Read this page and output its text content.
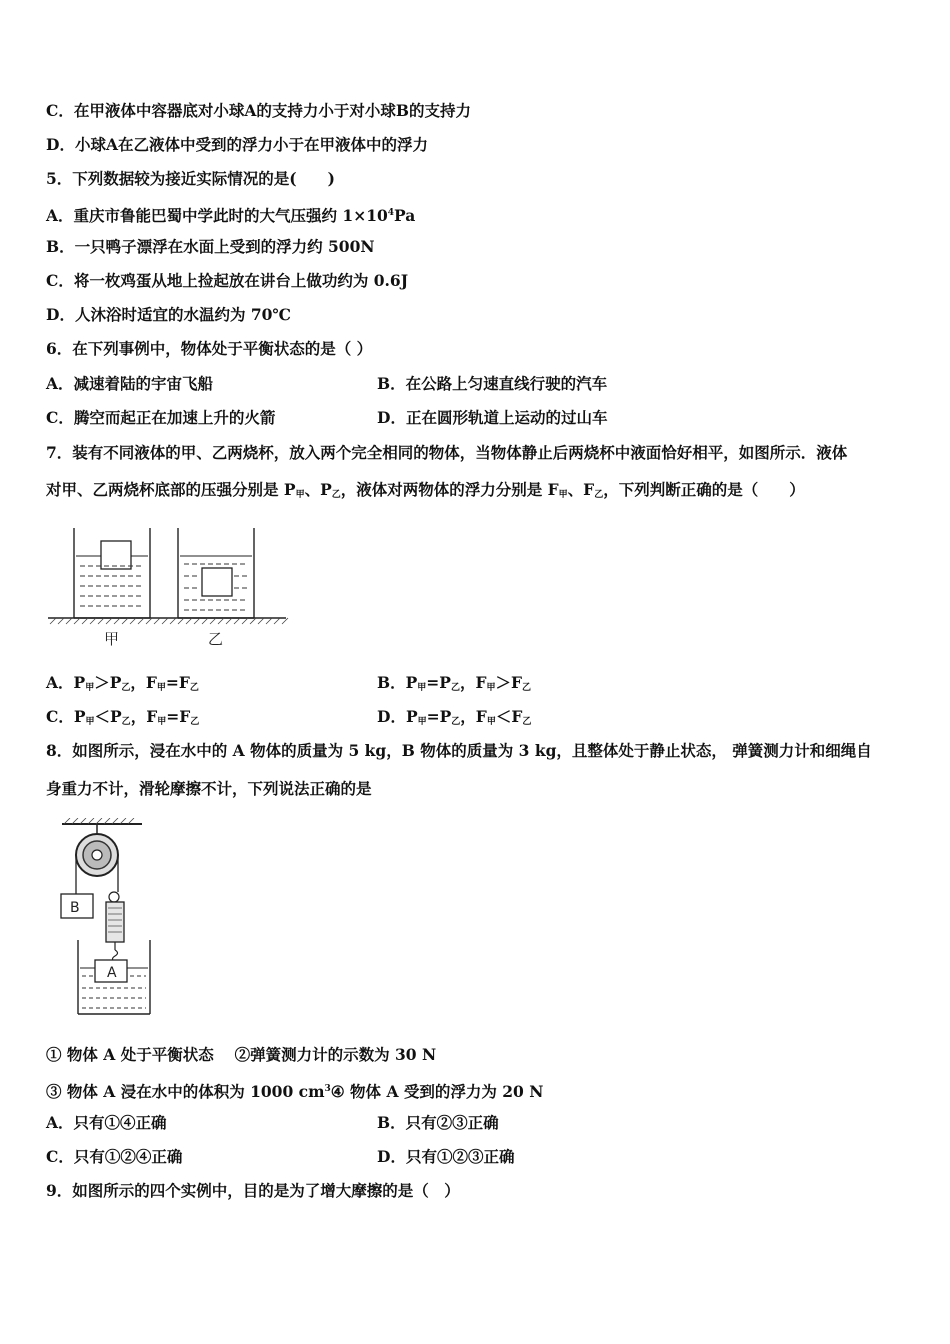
C．在甲液体中容器底对小球A的支持力小于对小球B的支持力
D．小球A在乙液体中受到的浮力小于在甲液体中的浮力
5．下列数据较为接近实际情况的是(　　)
A．重庆市鲁能巴蜀中学此时的大气压强约 $1\times 10^4Pa$
B．一只鸭子漂浮在水面上受到的浮力约 500N
C．将一枚鸡蛋从地上捡起放在讲台上做功约为 0.6J
D．人沐浴时适宜的水温约为 70℃
6．在下列事例中，物体处于平衡状态的是（ ）
A．减速着陆的宇宙飞船	B．在公路上匀速直线行驶的汽车
C．腾空而起正在加速上升的火箭	D．正在圆形轨道上运动的过山车
7．装有不同液体的甲、乙两烧杯，放入两个完全相同的物体，当物体静止后两烧杯中液面恰好相平，如图所示．液体
对甲、乙两烧杯底部的压强分别是 $P_甲$、$P_乙$，液体对两物体的浮力分别是 $F_甲$、$F_乙$，下列判断正确的是（　　）
甲	乙
A．$P_甲>P_乙$，$F_甲=F_乙$	B．$P_甲=P_乙$，$F_甲>F_乙$
C．$P_甲<P_乙$，$F_甲=F_乙$	D．$P_甲=P_乙$，$F_甲<F_乙$
8．如图所示，浸在水中的 A 物体的质量为 5 kg，B 物体的质量为 3 kg，且整体处于静止状态， 弹簧测力计和细绳自
身重力不计，滑轮摩擦不计，下列说法正确的是
B
A
① 物体 A 处于平衡状态　 ②弹簧测力计的示数为 30 N
③ 物体 A 浸在水中的体积为 1000 $cm^3④$ 物体 A 受到的浮力为 20 N
A．只有①④正确	B．只有②③正确
C．只有①②④正确	D．只有①②③正确
9．如图所示的四个实例中，目的是为了增大摩擦的是（　）
